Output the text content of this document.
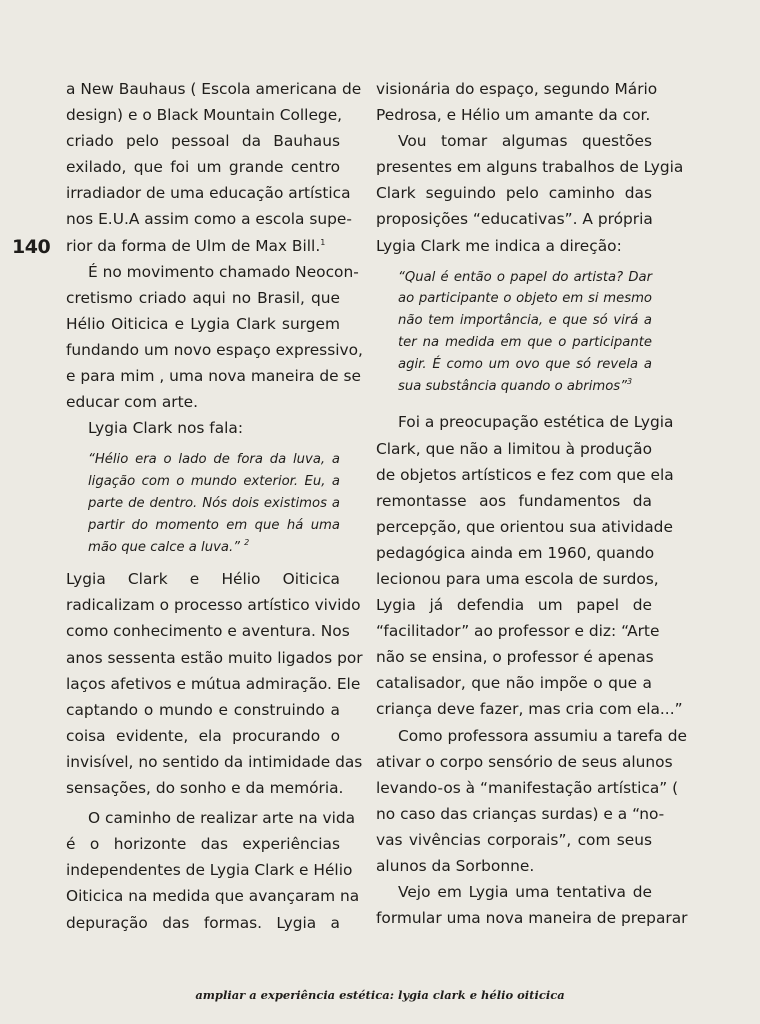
140
a New Bauhaus ( Escola americana de
design) e o Black Mountain College,
criado pelo pessoal da Bauhaus
exilado, que foi um grande centro
irradiador de uma educação artística
nos E.U.A assim como a escola supe-
rior da forma de Ulm de Max Bill.$^1$
É no movimento chamado Neocon-
cretismo criado aqui no Brasil, que
Hélio Oiticica e Lygia Clark surgem
fundando um novo espaço expressivo,
e para mim , uma nova maneira de se
educar com arte.
Lygia Clark nos fala:
“Hélio era o lado de fora da luva, a
ligação com o mundo exterior. Eu, a
parte de dentro. Nós dois existimos a
partir do momento em que há uma
mão que calce a luva.” $^2$
Lygia Clark e Hélio Oiticica
radicalizam o processo artístico vivido
como conhecimento e aventura. Nos
anos sessenta estão muito ligados por
laços afetivos e mútua admiração. Ele
captando o mundo e construindo a
coisa evidente, ela procurando o
invisível, no sentido da intimidade das
sensações, do sonho e da memória.
O caminho de realizar arte na vida
é o horizonte das experiências
independentes de Lygia Clark e Hélio
Oiticica na medida que avançaram na
depuração das formas. Lygia a
visionária do espaço, segundo Mário
Pedrosa, e Hélio um amante da cor.
Vou tomar algumas questões
presentes em alguns trabalhos de Lygia
Clark seguindo pelo caminho das
proposições “educativas”. A própria
Lygia Clark me indica a direção:
“Qual é então o papel do artista? Dar
ao participante o objeto em si mesmo
não tem importância, e que só virá a
ter na medida em que o participante
agir. É como um ovo que só revela a
sua substância quando o abrimos”$^3$
Foi a preocupação estética de Lygia
Clark, que não a limitou à produção
de objetos artísticos e fez com que ela
remontasse aos fundamentos da
percepção, que orientou sua atividade
pedagógica ainda em 1960, quando
lecionou para uma escola de surdos,
Lygia já defendia um papel de
“facilitador” ao professor e diz: “Arte
não se ensina, o professor é apenas
catalisador, que não impõe o que a
criança deve fazer, mas cria com ela...”
Como professora assumiu a tarefa de
ativar o corpo sensório de seus alunos
levando-os à “manifestação artística” (
no caso das crianças surdas) e a “no-
vas vivências corporais”, com seus
alunos da Sorbonne.
Vejo em Lygia uma tentativa de
formular uma nova maneira de preparar
ampliar a experiência estética: lygia clark e hélio oiticica
